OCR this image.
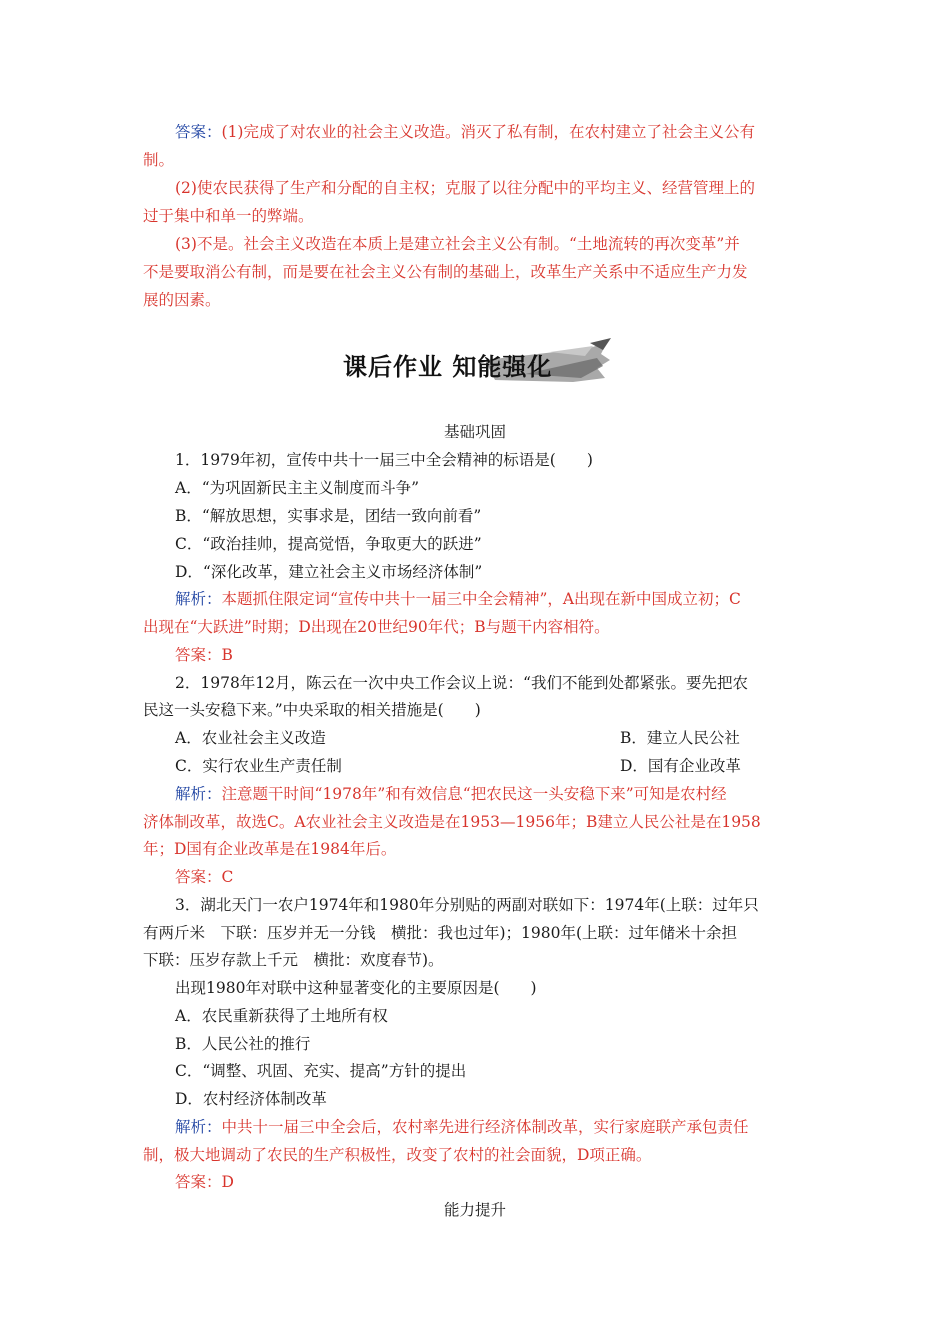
答案：(1)完成了对农业的社会主义改造。消灭了私有制，在农村建立了社会主义公有
制。
(2)使农民获得了生产和分配的自主权；克服了以往分配中的平均主义、经营管理上的
过于集中和单一的弊端。
(3)不是。社会主义改造在本质上是建立社会主义公有制。“土地流转的再次变革”并
不是要取消公有制，而是要在社会主义公有制的基础上，改革生产关系中不适应生产力发
展的因素。
课后作业 知能强化
基础巩固
1．1979年初，宣传中共十一届三中全会精神的标语是(　　)
A．“为巩固新民主主义制度而斗争”
B．“解放思想，实事求是，团结一致向前看”
C．“政治挂帅，提高觉悟，争取更大的跃进”
D．“深化改革，建立社会主义市场经济体制”
解析：本题抓住限定词“宣传中共十一届三中全会精神”，A出现在新中国成立初；C
出现在“大跃进”时期；D出现在20世纪90年代；B与题干内容相符。
答案：B
2．1978年12月，陈云在一次中央工作会议上说：“我们不能到处都紧张。要先把农
民这一头安稳下来。”中央采取的相关措施是(　　)
A．农业社会主义改造	B．建立人民公社
C．实行农业生产责任制	D．国有企业改革
解析：注意题干时间“1978年”和有效信息“把农民这一头安稳下来”可知是农村经
济体制改革，故选C。A农业社会主义改造是在1953—1956年；B建立人民公社是在1958
年；D国有企业改革是在1984年后。
答案：C
3．湖北天门一农户1974年和1980年分别贴的两副对联如下：1974年(上联：过年只
有两斤米　下联：压岁并无一分钱　横批：我也过年)；1980年(上联：过年储米十余担
下联：压岁存款上千元　横批：欢度春节)。
出现1980年对联中这种显著变化的主要原因是(　　)
A．农民重新获得了土地所有权
B．人民公社的推行
C．“调整、巩固、充实、提高”方针的提出
D．农村经济体制改革
解析：中共十一届三中全会后，农村率先进行经济体制改革，实行家庭联产承包责任
制，极大地调动了农民的生产积极性，改变了农村的社会面貌，D项正确。
答案：D
能力提升
